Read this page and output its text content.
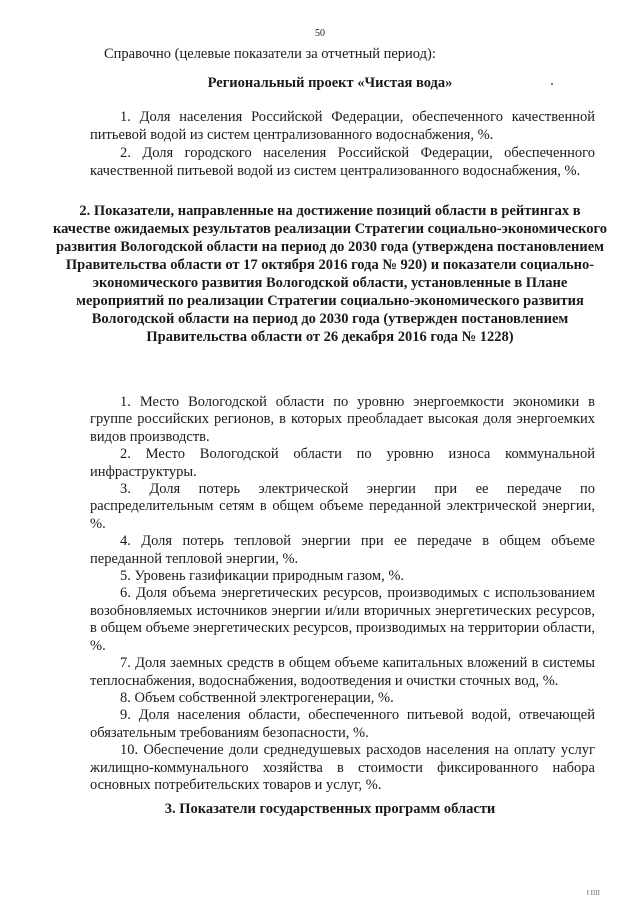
50

Справочно (целевые показатели за отчетный период):

Региональный проект «Чистая вода»

1. Доля населения Российской Федерации, обеспеченного качественной питьевой водой из систем централизованного водоснабжения, %.

2. Доля городского населения Российской Федерации, обеспеченного качественной питьевой водой из систем централизованного водоснабжения, %.

2. Показатели, направленные на достижение позиций области в рейтингах в качестве ожидаемых результатов реализации Стратегии социально-экономического развития Вологодской области на период до 2030 года (утверждена постановлением Правительства области от 17 октября 2016 года № 920) и показатели социально-экономического развития Вологодской области, установленные в Плане мероприятий по реализации Стратегии социально-экономического развития Вологодской области на период до 2030 года (утвержден постановлением Правительства области от 26 декабря 2016 года № 1228)

1. Место Вологодской области по уровню энергоемкости экономики в группе российских регионов, в которых преобладает высокая доля энергоемких видов производств.

2. Место Вологодской области по уровню износа коммунальной инфраструктуры.

3. Доля потерь электрической энергии при ее передаче по распределительным сетям в общем объеме переданной электрической энергии, %.

4. Доля потерь тепловой энергии при ее передаче в общем объеме переданной тепловой энергии, %.

5. Уровень газификации природным газом, %.

6. Доля объема энергетических ресурсов, производимых с использованием возобновляемых источников энергии и/или вторичных энергетических ресурсов, в общем объеме энергетических ресурсов, производимых на территории области, %.

7. Доля заемных средств в общем объеме капитальных вложений в системы теплоснабжения, водоснабжения, водоотведения и очистки сточных вод, %.

8. Объем собственной электрогенерации, %.

9. Доля населения области, обеспеченного питьевой водой, отвечающей обязательным требованиям безопасности, %.

10. Обеспечение доли среднедушевых расходов населения на оплату услуг жилищно-коммунального хозяйства в стоимости фиксированного набора основных потребительских товаров и услуг, %.

3. Показатели государственных программ области
I IIII
